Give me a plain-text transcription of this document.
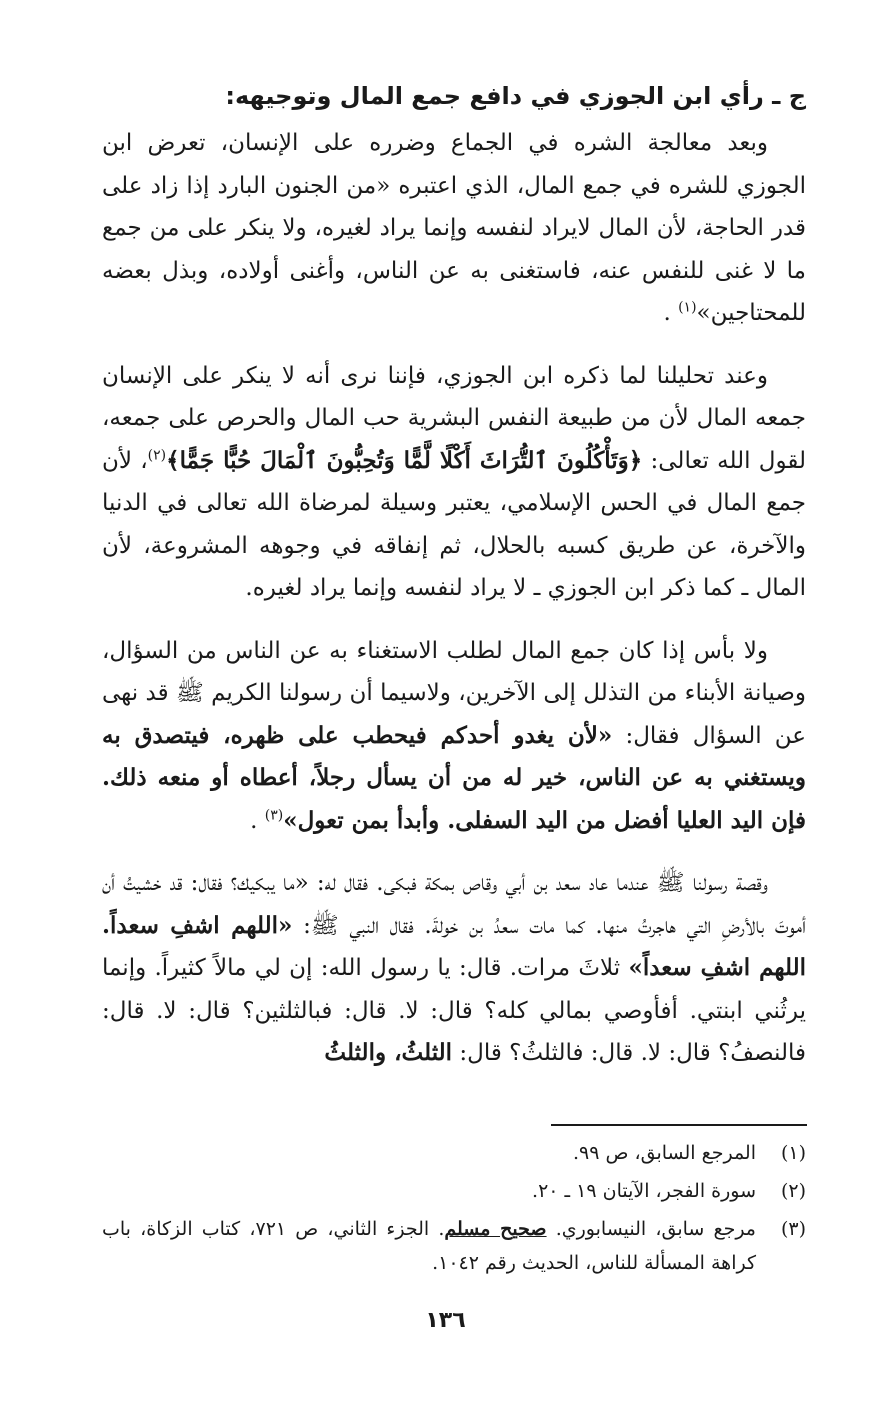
ج ـ رأي ابن الجوزي في دافع جمع المال وتوجيهه:

وبعد معالجة الشره في الجماع وضرره على الإنسان، تعرض ابن الجوزي للشره في جمع المال، الذي اعتبره «من الجنون البارد إذا زاد على قدر الحاجة، لأن المال لايراد لنفسه وإنما يراد لغيره، ولا ينكر على من جمع ما لا غنى للنفس عنه، فاستغنى به عن الناس، وأغنى أولاده، وبذل بعضه للمحتاجين»$^{(١)}$ .

وعند تحليلنا لما ذكره ابن الجوزي، فإننا نرى أنه لا ينكر على الإنسان جمعه المال لأن من طبيعة النفس البشرية حب المال والحرص على جمعه، لقول الله تعالى: ﴿وَتَأْكُلُونَ ٱلتُّرَاثَ أَكْلًا لَّمًّا وَتُحِبُّونَ ٱلْمَالَ حُبًّا جَمًّا﴾$^{(٢)}$، لأن جمع المال في الحس الإسلامي، يعتبر وسيلة لمرضاة الله تعالى في الدنيا والآخرة، عن طريق كسبه بالحلال، ثم إنفاقه في وجوهه المشروعة، لأن المال ـ كما ذكر ابن الجوزي ـ لا يراد لنفسه وإنما يراد لغيره.

ولا بأس إذا كان جمع المال لطلب الاستغناء به عن الناس من السؤال، وصيانة الأبناء من التذلل إلى الآخرين، ولاسيما أن رسولنا الكريم ﷺ قد نهى عن السؤال فقال: «لأن يغدو أحدكم فيحطب على ظهره، فيتصدق به ويستغني به عن الناس، خير له من أن يسأل رجلاً، أعطاه أو منعه ذلك. فإن اليد العليا أفضل من اليد السفلى. وأبدأ بمن تعول»$^{(٣)}$ .

وقصة رسولنا ﷺ عندما عاد سعد بن أبي وقاص بمكة فبكى. فقال له: «ما يبكيك؟ فقال: قد خشيتُ أن أموتَ بالأرضِ التي هاجرتُ منها. كما مات سعدُ بن خولةَ. فقال النبي ﷺ: «اللهم اشفِ سعداً. اللهم اشفِ سعداً» ثلاثَ مرات. قال: يا رسول الله: إن لي مالاً كثيراً. وإنما يرثُني ابنتي. أفأوصي بمالي كله؟ قال: لا. قال: فبالثلثين؟ قال: لا. قال: فالنصفُ؟ قال: لا. قال: فالثلثُ؟ قال: الثلثُ، والثلثُ

(١)
المرجع السابق، ص ٩٩.
(٢)
سورة الفجر، الآيتان ١٩ ـ ٢٠.
(٣)
مرجع سابق، النيسابوري. صحيح مسلم. الجزء الثاني، ص ٧٢١، كتاب الزكاة، باب كراهة المسألة للناس، الحديث رقم ١٠٤٢.
١٣٦
